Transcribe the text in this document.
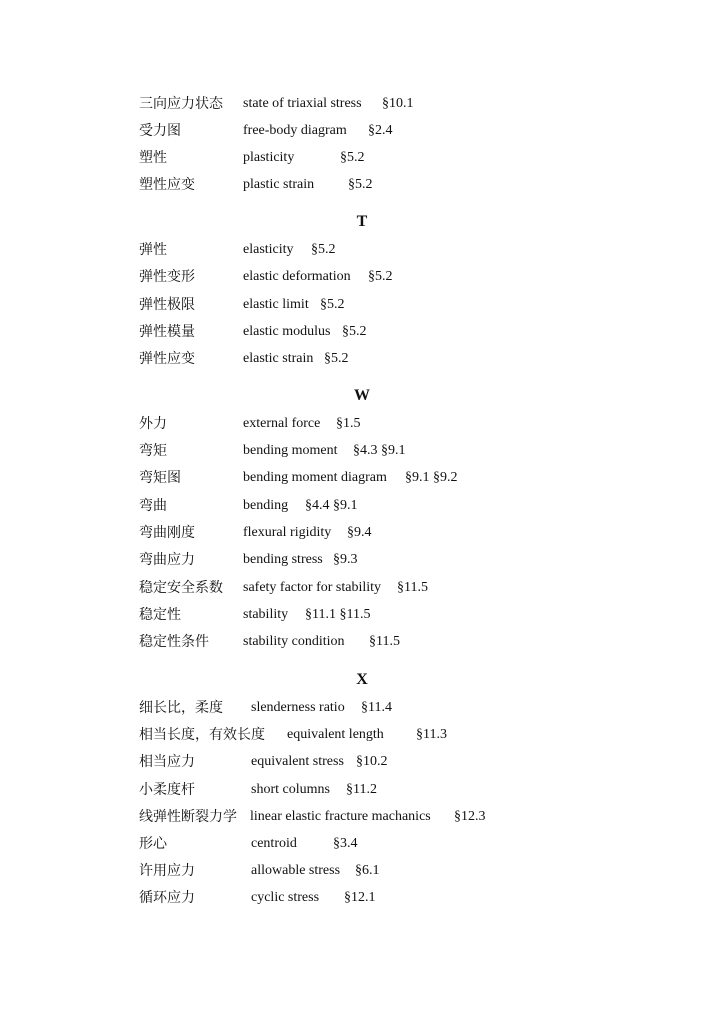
三向应力状态 state of triaxial stress §10.1
受力图	free-body diagram §2.4
塑性	plasticity	§5.2
塑性应变	plastic strain §5.2
T
弹性	elasticity §5.2
弹性变形	elastic deformation §5.2
弹性极限	elastic limit §5.2
弹性模量	elastic modulus §5.2
弹性应变	elastic strain §5.2
W
外力	external force §1.5
弯矩	bending moment §4.3 §9.1
弯矩图	bending moment diagram §9.1 §9.2
弯曲	bending §4.4 §9.1
弯曲刚度	flexural rigidity §9.4
弯曲应力	bending stress §9.3
稳定安全系数 safety factor for stability §11.5
稳定性	stability §11.1 §11.5
稳定性条件 stability condition §11.5
X
细长比，柔度 slenderness ratio §11.4
相当长度，有效长度 equivalent length §11.3
相当应力	equivalent stress §10.2
小柔度杆	short columns §11.2
线弹性断裂力学 linear elastic fracture machanics §12.3
形心	centroid	§3.4
许用应力	allowable stress §6.1
循环应力	cyclic stress §12.1
